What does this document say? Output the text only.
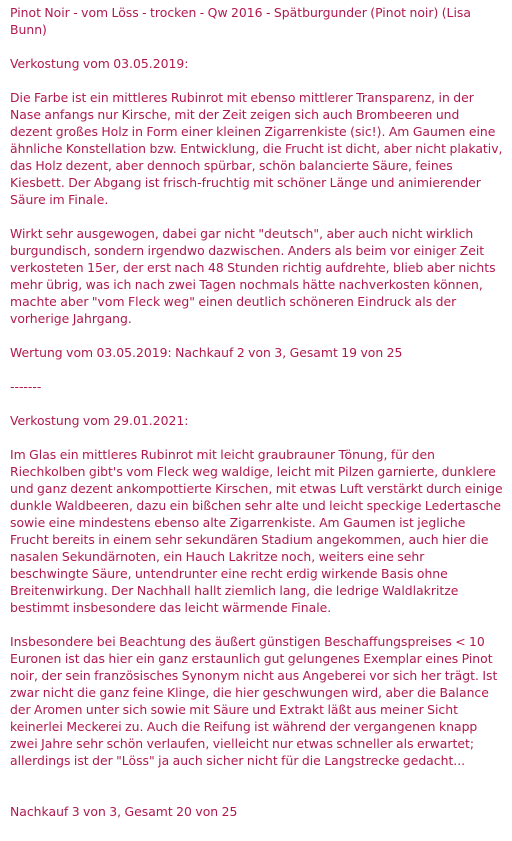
Pinot Noir - vom Löss - trocken - Qw 2016 - Spätburgunder (Pinot noir) (Lisa Bunn)

Verkostung vom 03.05.2019:

Die Farbe ist ein mittleres Rubinrot mit ebenso mittlerer Transparenz, in der Nase anfangs nur Kirsche, mit der Zeit zeigen sich auch Brombeeren und dezent großes Holz in Form einer kleinen Zigarrenkiste (sic!). Am Gaumen eine ähnliche Konstellation bzw. Entwicklung, die Frucht ist dicht, aber nicht plakativ, das Holz dezent, aber dennoch spürbar, schön balancierte Säure, feines Kiesbett. Der Abgang ist frisch-fruchtig mit schöner Länge und animierender Säure im Finale.

Wirkt sehr ausgewogen, dabei gar nicht "deutsch", aber auch nicht wirklich burgundisch, sondern irgendwo dazwischen. Anders als beim vor einiger Zeit verkosteten 15er, der erst nach 48 Stunden richtig aufdrehte, blieb aber nichts mehr übrig, was ich nach zwei Tagen nochmals hätte nachverkosten können, machte aber "vom Fleck weg" einen deutlich schöneren Eindruck als der vorherige Jahrgang.

Wertung vom 03.05.2019: Nachkauf 2 von 3, Gesamt 19 von 25

-------

Verkostung vom 29.01.2021:

Im Glas ein mittleres Rubinrot mit leicht graubrauner Tönung, für den Riechkolben gibt's vom Fleck weg waldige, leicht mit Pilzen garnierte, dunklere und ganz dezent ankompottierte Kirschen, mit etwas Luft verstärkt durch einige dunkle Waldbeeren, dazu ein bißchen sehr alte und leicht speckige Ledertasche sowie eine mindestens ebenso alte Zigarrenkiste. Am Gaumen ist jegliche Frucht bereits in einem sehr sekundären Stadium angekommen, auch hier die nasalen Sekundärnoten, ein Hauch Lakritze noch, weiters eine sehr beschwingte Säure, untendrunter eine recht erdig wirkende Basis ohne Breitenwirkung. Der Nachhall hallt ziemlich lang, die ledrige Waldlakritze bestimmt insbesondere das leicht wärmende Finale.

Insbesondere bei Beachtung des äußert günstigen Beschaffungspreises < 10 Euronen ist das hier ein ganz erstaunlich gut gelungenes Exemplar eines Pinot noir, der sein französisches Synonym nicht aus Angeberei vor sich her trägt. Ist zwar nicht die ganz feine Klinge, die hier geschwungen wird, aber die Balance der Aromen unter sich sowie mit Säure und Extrakt läßt aus meiner Sicht keinerlei Meckerei zu. Auch die Reifung ist während der vergangenen knapp zwei Jahre sehr schön verlaufen, vielleicht nur etwas schneller als erwartet; allerdings ist der "Löss" ja auch sicher nicht für die Langstrecke gedacht...

Nachkauf 3 von 3, Gesamt 20 von 25
